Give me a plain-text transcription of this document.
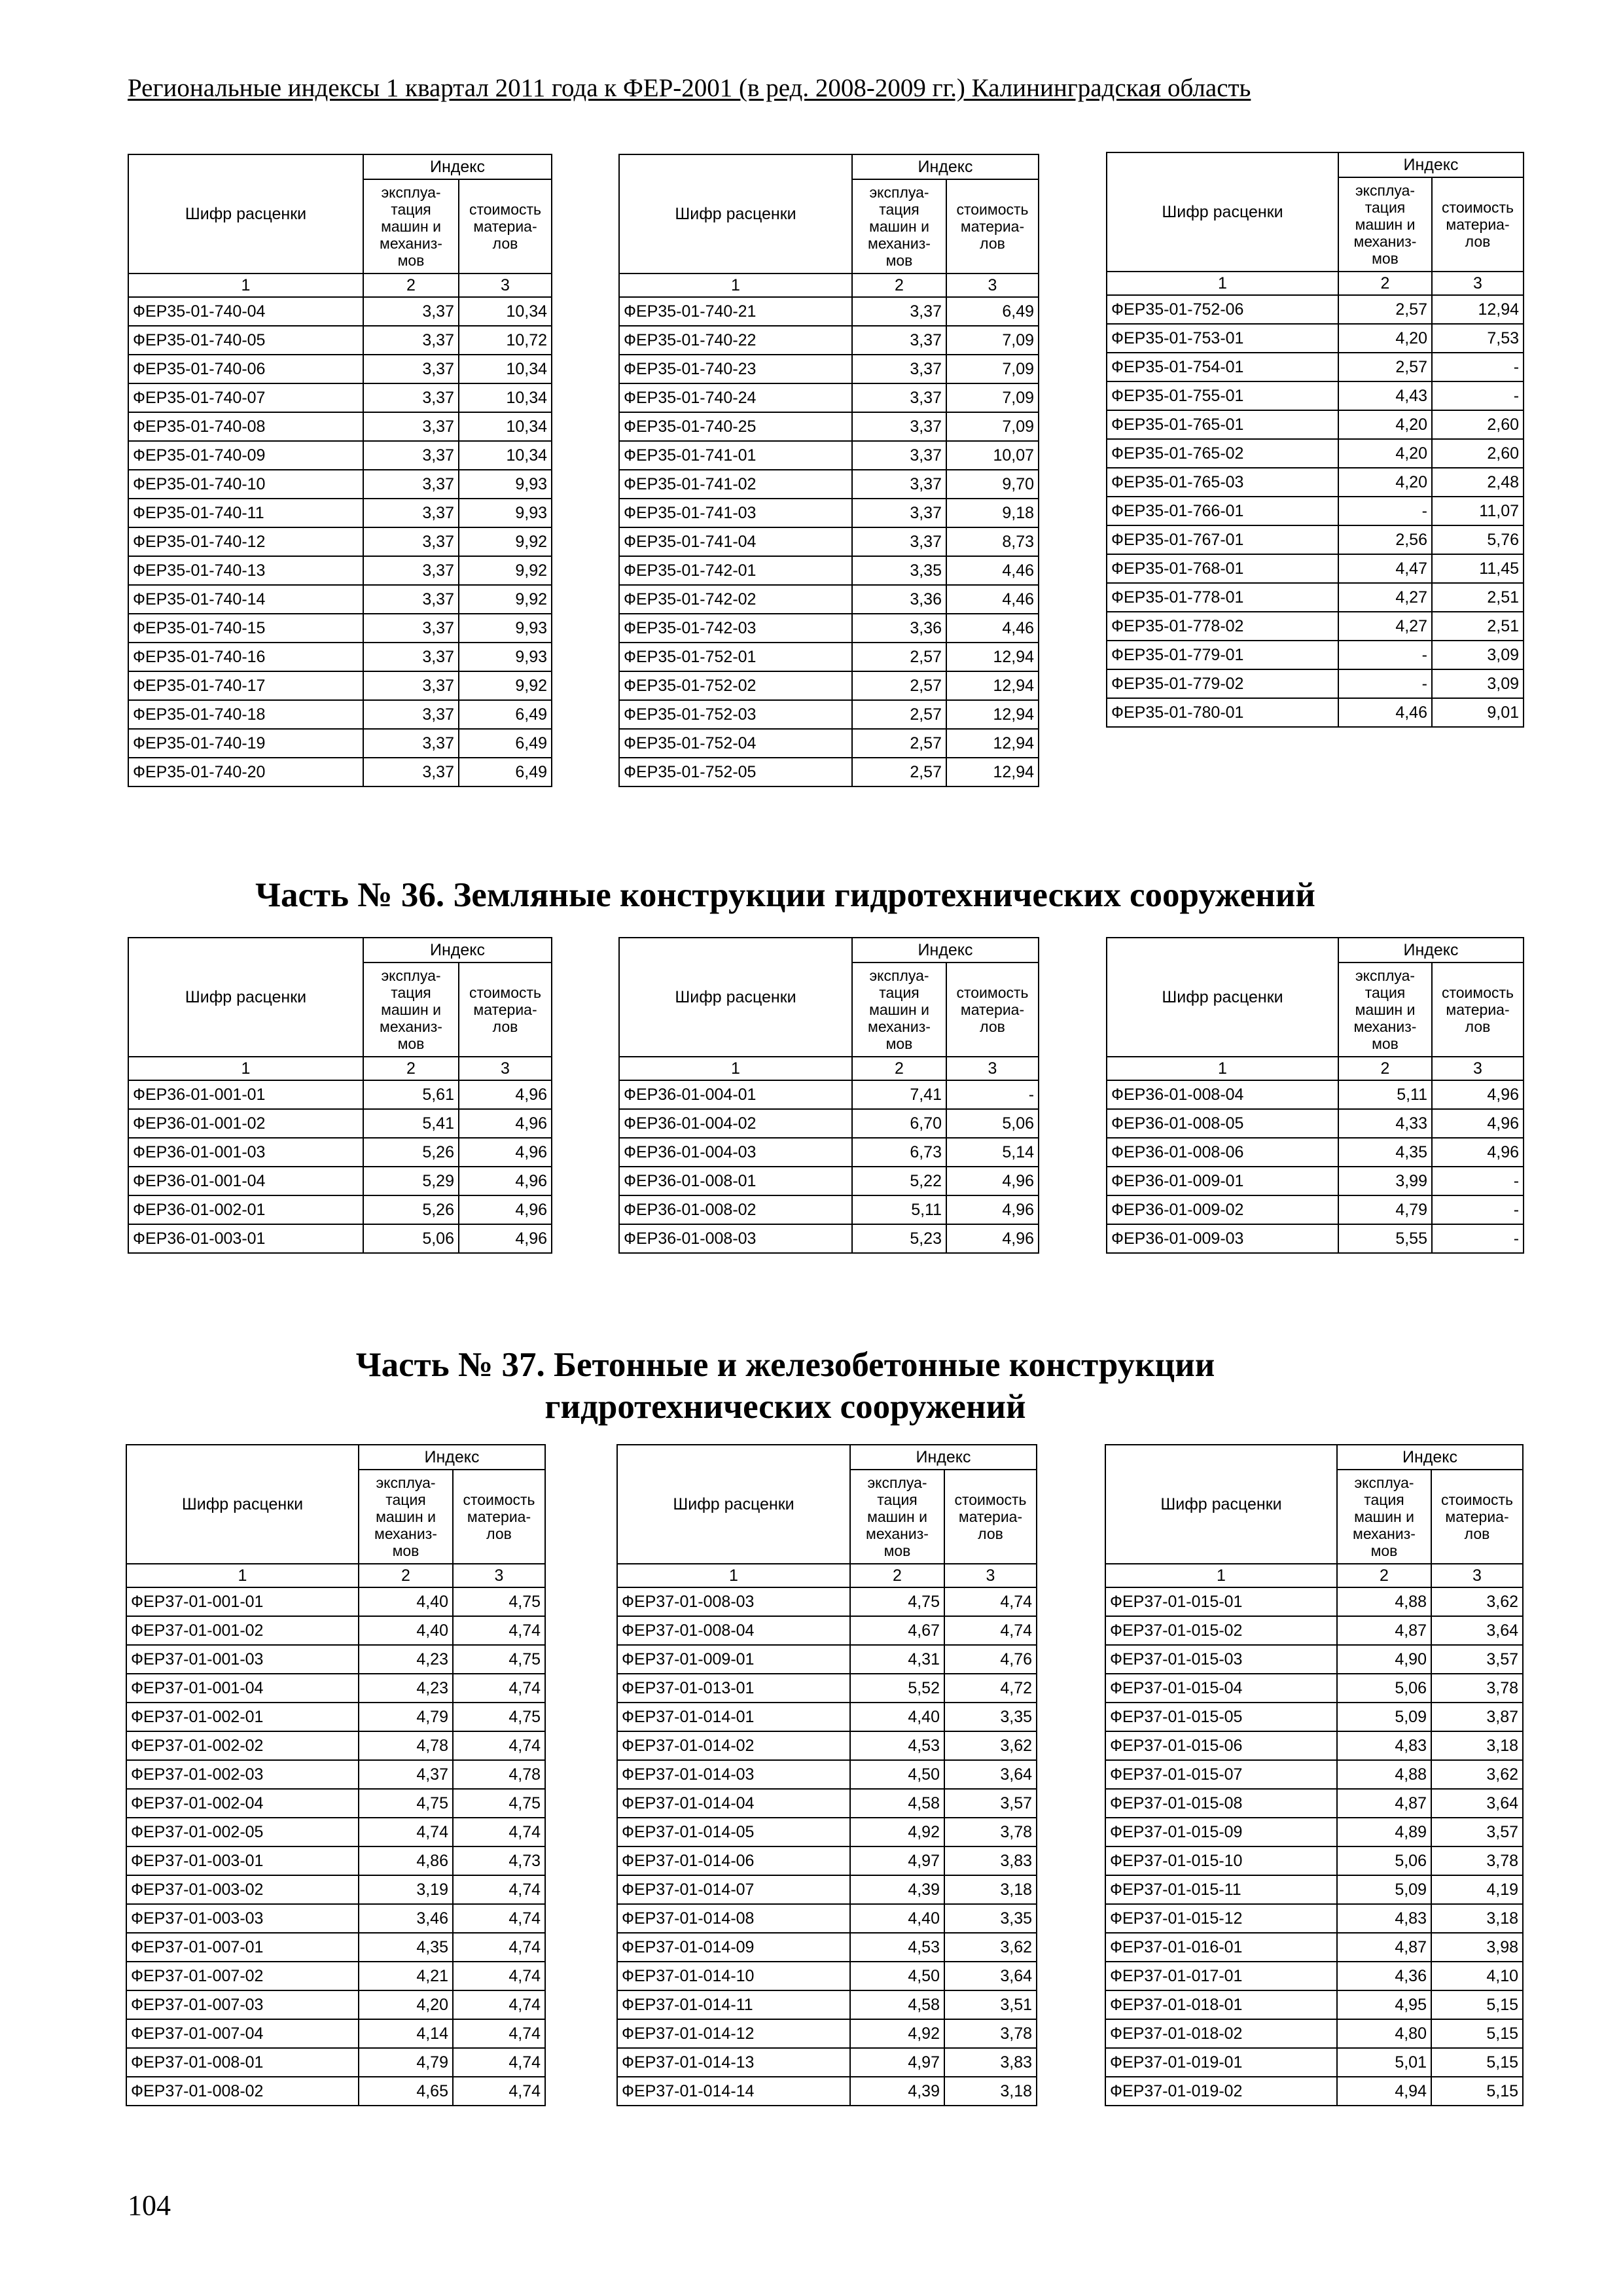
Региональные индексы 1 квартал 2011 года к ФЕР-2001 (в ред. 2008-2009 гг.) Калининградская область
Шифр расценки	Индекс	
	эксплуа-тация машин и механиз-мов	стоимость материа-лов
1	2	3
ФЕР35-01-740-04	3,37	10,34
ФЕР35-01-740-05	3,37	10,72
ФЕР35-01-740-06	3,37	10,34
ФЕР35-01-740-07	3,37	10,34
ФЕР35-01-740-08	3,37	10,34
ФЕР35-01-740-09	3,37	10,34
ФЕР35-01-740-10	3,37	9,93
ФЕР35-01-740-11	3,37	9,93
ФЕР35-01-740-12	3,37	9,92
ФЕР35-01-740-13	3,37	9,92
ФЕР35-01-740-14	3,37	9,92
ФЕР35-01-740-15	3,37	9,93
ФЕР35-01-740-16	3,37	9,93
ФЕР35-01-740-17	3,37	9,92
ФЕР35-01-740-18	3,37	6,49
ФЕР35-01-740-19	3,37	6,49
ФЕР35-01-740-20	3,37	6,49
Шифр расценки	Индекс	
	эксплуа-тация машин и механиз-мов	стоимость материа-лов
1	2	3
ФЕР35-01-740-21	3,37	6,49
ФЕР35-01-740-22	3,37	7,09
ФЕР35-01-740-23	3,37	7,09
ФЕР35-01-740-24	3,37	7,09
ФЕР35-01-740-25	3,37	7,09
ФЕР35-01-741-01	3,37	10,07
ФЕР35-01-741-02	3,37	9,70
ФЕР35-01-741-03	3,37	9,18
ФЕР35-01-741-04	3,37	8,73
ФЕР35-01-742-01	3,35	4,46
ФЕР35-01-742-02	3,36	4,46
ФЕР35-01-742-03	3,36	4,46
ФЕР35-01-752-01	2,57	12,94
ФЕР35-01-752-02	2,57	12,94
ФЕР35-01-752-03	2,57	12,94
ФЕР35-01-752-04	2,57	12,94
ФЕР35-01-752-05	2,57	12,94
Шифр расценки	Индекс	
	эксплуа-тация машин и механиз-мов	стоимость материа-лов
1	2	3
ФЕР35-01-752-06	2,57	12,94
ФЕР35-01-753-01	4,20	7,53
ФЕР35-01-754-01	2,57	-
ФЕР35-01-755-01	4,43	-
ФЕР35-01-765-01	4,20	2,60
ФЕР35-01-765-02	4,20	2,60
ФЕР35-01-765-03	4,20	2,48
ФЕР35-01-766-01	-	11,07
ФЕР35-01-767-01	2,56	5,76
ФЕР35-01-768-01	4,47	11,45
ФЕР35-01-778-01	4,27	2,51
ФЕР35-01-778-02	4,27	2,51
ФЕР35-01-779-01	-	3,09
ФЕР35-01-779-02	-	3,09
ФЕР35-01-780-01	4,46	9,01
Часть № 36. Земляные конструкции гидротехнических сооружений
Шифр расценки	Индекс	
	эксплуа-тация машин и механиз-мов	стоимость материа-лов
1	2	3
ФЕР36-01-001-01	5,61	4,96
ФЕР36-01-001-02	5,41	4,96
ФЕР36-01-001-03	5,26	4,96
ФЕР36-01-001-04	5,29	4,96
ФЕР36-01-002-01	5,26	4,96
ФЕР36-01-003-01	5,06	4,96
Шифр расценки	Индекс	
	эксплуа-тация машин и механиз-мов	стоимость материа-лов
1	2	3
ФЕР36-01-004-01	7,41	-
ФЕР36-01-004-02	6,70	5,06
ФЕР36-01-004-03	6,73	5,14
ФЕР36-01-008-01	5,22	4,96
ФЕР36-01-008-02	5,11	4,96
ФЕР36-01-008-03	5,23	4,96
Шифр расценки	Индекс	
	эксплуа-тация машин и механиз-мов	стоимость материа-лов
1	2	3
ФЕР36-01-008-04	5,11	4,96
ФЕР36-01-008-05	4,33	4,96
ФЕР36-01-008-06	4,35	4,96
ФЕР36-01-009-01	3,99	-
ФЕР36-01-009-02	4,79	-
ФЕР36-01-009-03	5,55	-
Часть № 37. Бетонные и железобетонные конструкции гидротехнических сооружений
Шифр расценки	Индекс	
	эксплуа-тация машин и механиз-мов	стоимость материа-лов
1	2	3
ФЕР37-01-001-01	4,40	4,75
ФЕР37-01-001-02	4,40	4,74
ФЕР37-01-001-03	4,23	4,75
ФЕР37-01-001-04	4,23	4,74
ФЕР37-01-002-01	4,79	4,75
ФЕР37-01-002-02	4,78	4,74
ФЕР37-01-002-03	4,37	4,78
ФЕР37-01-002-04	4,75	4,75
ФЕР37-01-002-05	4,74	4,74
ФЕР37-01-003-01	4,86	4,73
ФЕР37-01-003-02	3,19	4,74
ФЕР37-01-003-03	3,46	4,74
ФЕР37-01-007-01	4,35	4,74
ФЕР37-01-007-02	4,21	4,74
ФЕР37-01-007-03	4,20	4,74
ФЕР37-01-007-04	4,14	4,74
ФЕР37-01-008-01	4,79	4,74
ФЕР37-01-008-02	4,65	4,74
Шифр расценки	Индекс	
	эксплуа-тация машин и механиз-мов	стоимость материа-лов
1	2	3
ФЕР37-01-008-03	4,75	4,74
ФЕР37-01-008-04	4,67	4,74
ФЕР37-01-009-01	4,31	4,76
ФЕР37-01-013-01	5,52	4,72
ФЕР37-01-014-01	4,40	3,35
ФЕР37-01-014-02	4,53	3,62
ФЕР37-01-014-03	4,50	3,64
ФЕР37-01-014-04	4,58	3,57
ФЕР37-01-014-05	4,92	3,78
ФЕР37-01-014-06	4,97	3,83
ФЕР37-01-014-07	4,39	3,18
ФЕР37-01-014-08	4,40	3,35
ФЕР37-01-014-09	4,53	3,62
ФЕР37-01-014-10	4,50	3,64
ФЕР37-01-014-11	4,58	3,51
ФЕР37-01-014-12	4,92	3,78
ФЕР37-01-014-13	4,97	3,83
ФЕР37-01-014-14	4,39	3,18
Шифр расценки	Индекс	
	эксплуа-тация машин и механиз-мов	стоимость материа-лов
1	2	3
ФЕР37-01-015-01	4,88	3,62
ФЕР37-01-015-02	4,87	3,64
ФЕР37-01-015-03	4,90	3,57
ФЕР37-01-015-04	5,06	3,78
ФЕР37-01-015-05	5,09	3,87
ФЕР37-01-015-06	4,83	3,18
ФЕР37-01-015-07	4,88	3,62
ФЕР37-01-015-08	4,87	3,64
ФЕР37-01-015-09	4,89	3,57
ФЕР37-01-015-10	5,06	3,78
ФЕР37-01-015-11	5,09	4,19
ФЕР37-01-015-12	4,83	3,18
ФЕР37-01-016-01	4,87	3,98
ФЕР37-01-017-01	4,36	4,10
ФЕР37-01-018-01	4,95	5,15
ФЕР37-01-018-02	4,80	5,15
ФЕР37-01-019-01	5,01	5,15
ФЕР37-01-019-02	4,94	5,15
104
